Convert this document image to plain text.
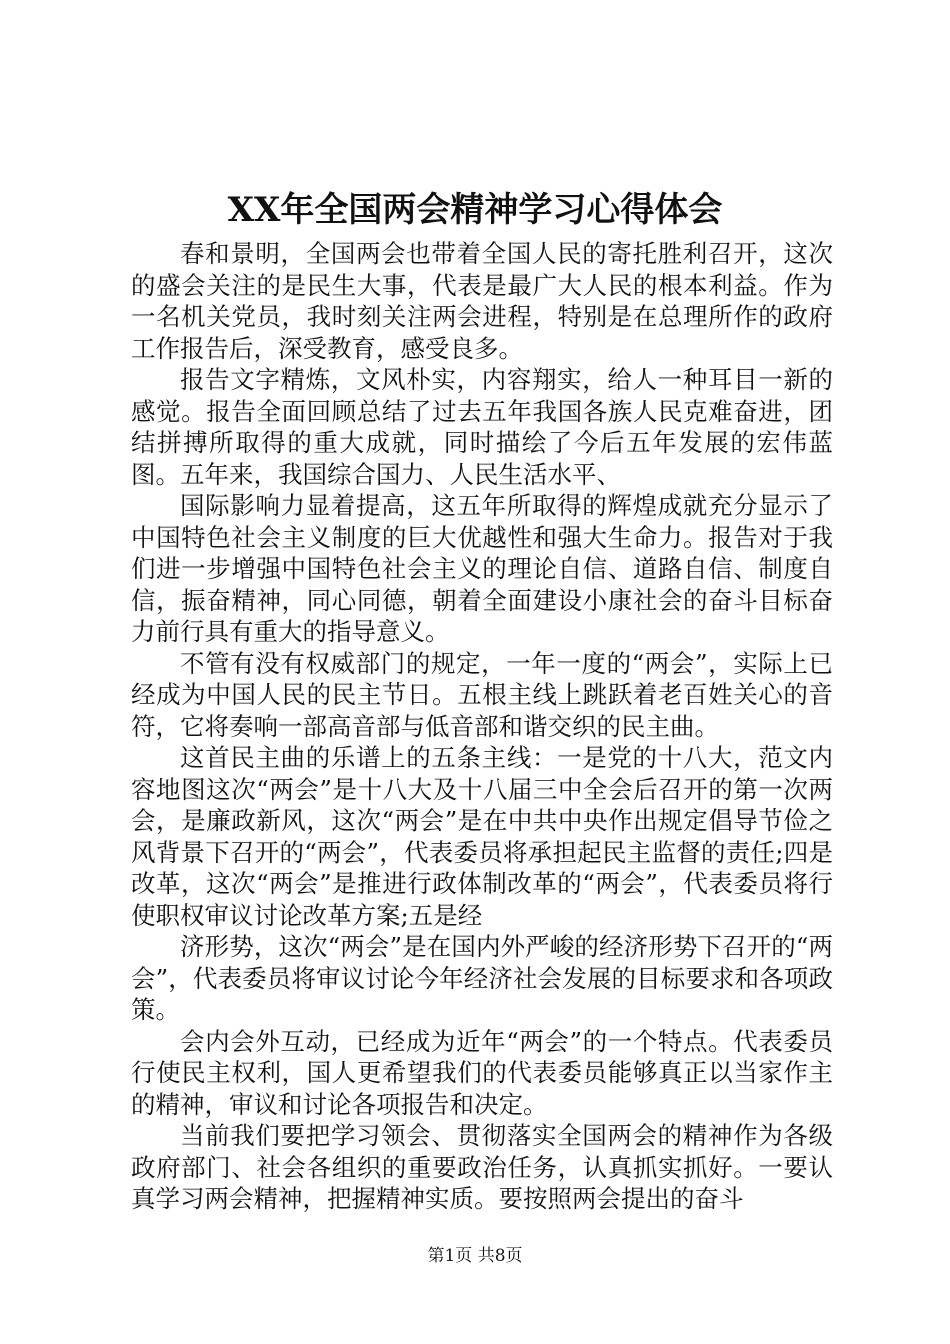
XX年全国两会精神学习心得体会

春和景明，全国两会也带着全国人民的寄托胜利召开，这次的盛会关注的是民生大事，代表是最广大人民的根本利益。作为一名机关党员，我时刻关注两会进程，特别是在总理所作的政府工作报告后，深受教育，感受良多。

报告文字精炼，文风朴实，内容翔实，给人一种耳目一新的感觉。报告全面回顾总结了过去五年我国各族人民克难奋进，团结拼搏所取得的重大成就，同时描绘了今后五年发展的宏伟蓝图。五年来，我国综合国力、人民生活水平、

国际影响力显着提高，这五年所取得的辉煌成就充分显示了中国特色社会主义制度的巨大优越性和强大生命力。报告对于我们进一步增强中国特色社会主义的理论自信、道路自信、制度自信，振奋精神，同心同德，朝着全面建设小康社会的奋斗目标奋力前行具有重大的指导意义。

不管有没有权威部门的规定，一年一度的“两会”，实际上已经成为中国人民的民主节日。五根主线上跳跃着老百姓关心的音符，它将奏响一部高音部与低音部和谐交织的民主曲。

这首民主曲的乐谱上的五条主线：一是党的十八大，范文内容地图这次“两会”是十八大及十八届三中全会后召开的第一次两会，是廉政新风，这次“两会”是在中共中央作出规定倡导节俭之风背景下召开的“两会”，代表委员将承担起民主监督的责任;四是改革，这次“两会”是推进行政体制改革的“两会”，代表委员将行使职权审议讨论改革方案;五是经

济形势，这次“两会”是在国内外严峻的经济形势下召开的“两会”，代表委员将审议讨论今年经济社会发展的目标要求和各项政策。

会内会外互动，已经成为近年“两会”的一个特点。代表委员行使民主权利，国人更希望我们的代表委员能够真正以当家作主的精神，审议和讨论各项报告和决定。

当前我们要把学习领会、贯彻落实全国两会的精神作为各级政府部门、社会各组织的重要政治任务，认真抓实抓好。一要认真学习两会精神，把握精神实质。要按照两会提出的奋斗

第1页 共8页
